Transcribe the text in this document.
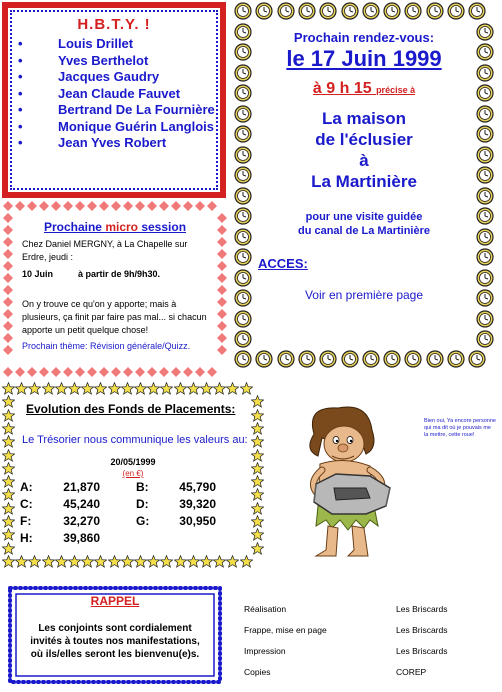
H.B.T.Y. !
• Louis Drillet
• Yves Berthelot
• Jacques Gaudry
• Jean Claude Fauvet
• Bertrand De La Fournière
• Monique Guérin Langlois
• Jean Yves Robert
Prochaine micro session
Chez Daniel MERGNY, à La Chapelle sur Erdre, jeudi :
10 Juin	à partir de 9h/9h30.
On y trouve ce qu'on y apporte; mais à plusieurs, ça finit par faire pas mal... si chacun apporte un petit quelque chose!
Prochain thème: Révision générale/Quizz.
Prochain rendez-vous:
le 17 Juin 1999
à 9 h 15 précise à
La maison
de l'éclusier
à
La Martinière
pour une visite guidée
du canal de La Martinière
ACCES:
Voir en première page
Evolution des Fonds de Placements:
Le Trésorier nous communique les valeurs au:
20/05/1999
(en €)
A:	21,870	B:	45,790
C:	45,240	D:	39,320
F:	32,270	G:	30,950
H:	39,860		
Bien oui, Ya encore personne qui ma dit où je pouvais me la mettre, cette roue!
RAPPEL
Les conjoints sont cordialement invités à toutes nos manifestations, où ils/elles seront les bienvenu(e)s.
Réalisation	Les Briscards
Frappe, mise en page	Les Briscards
Impression	Les Briscards
Copies	COREP
